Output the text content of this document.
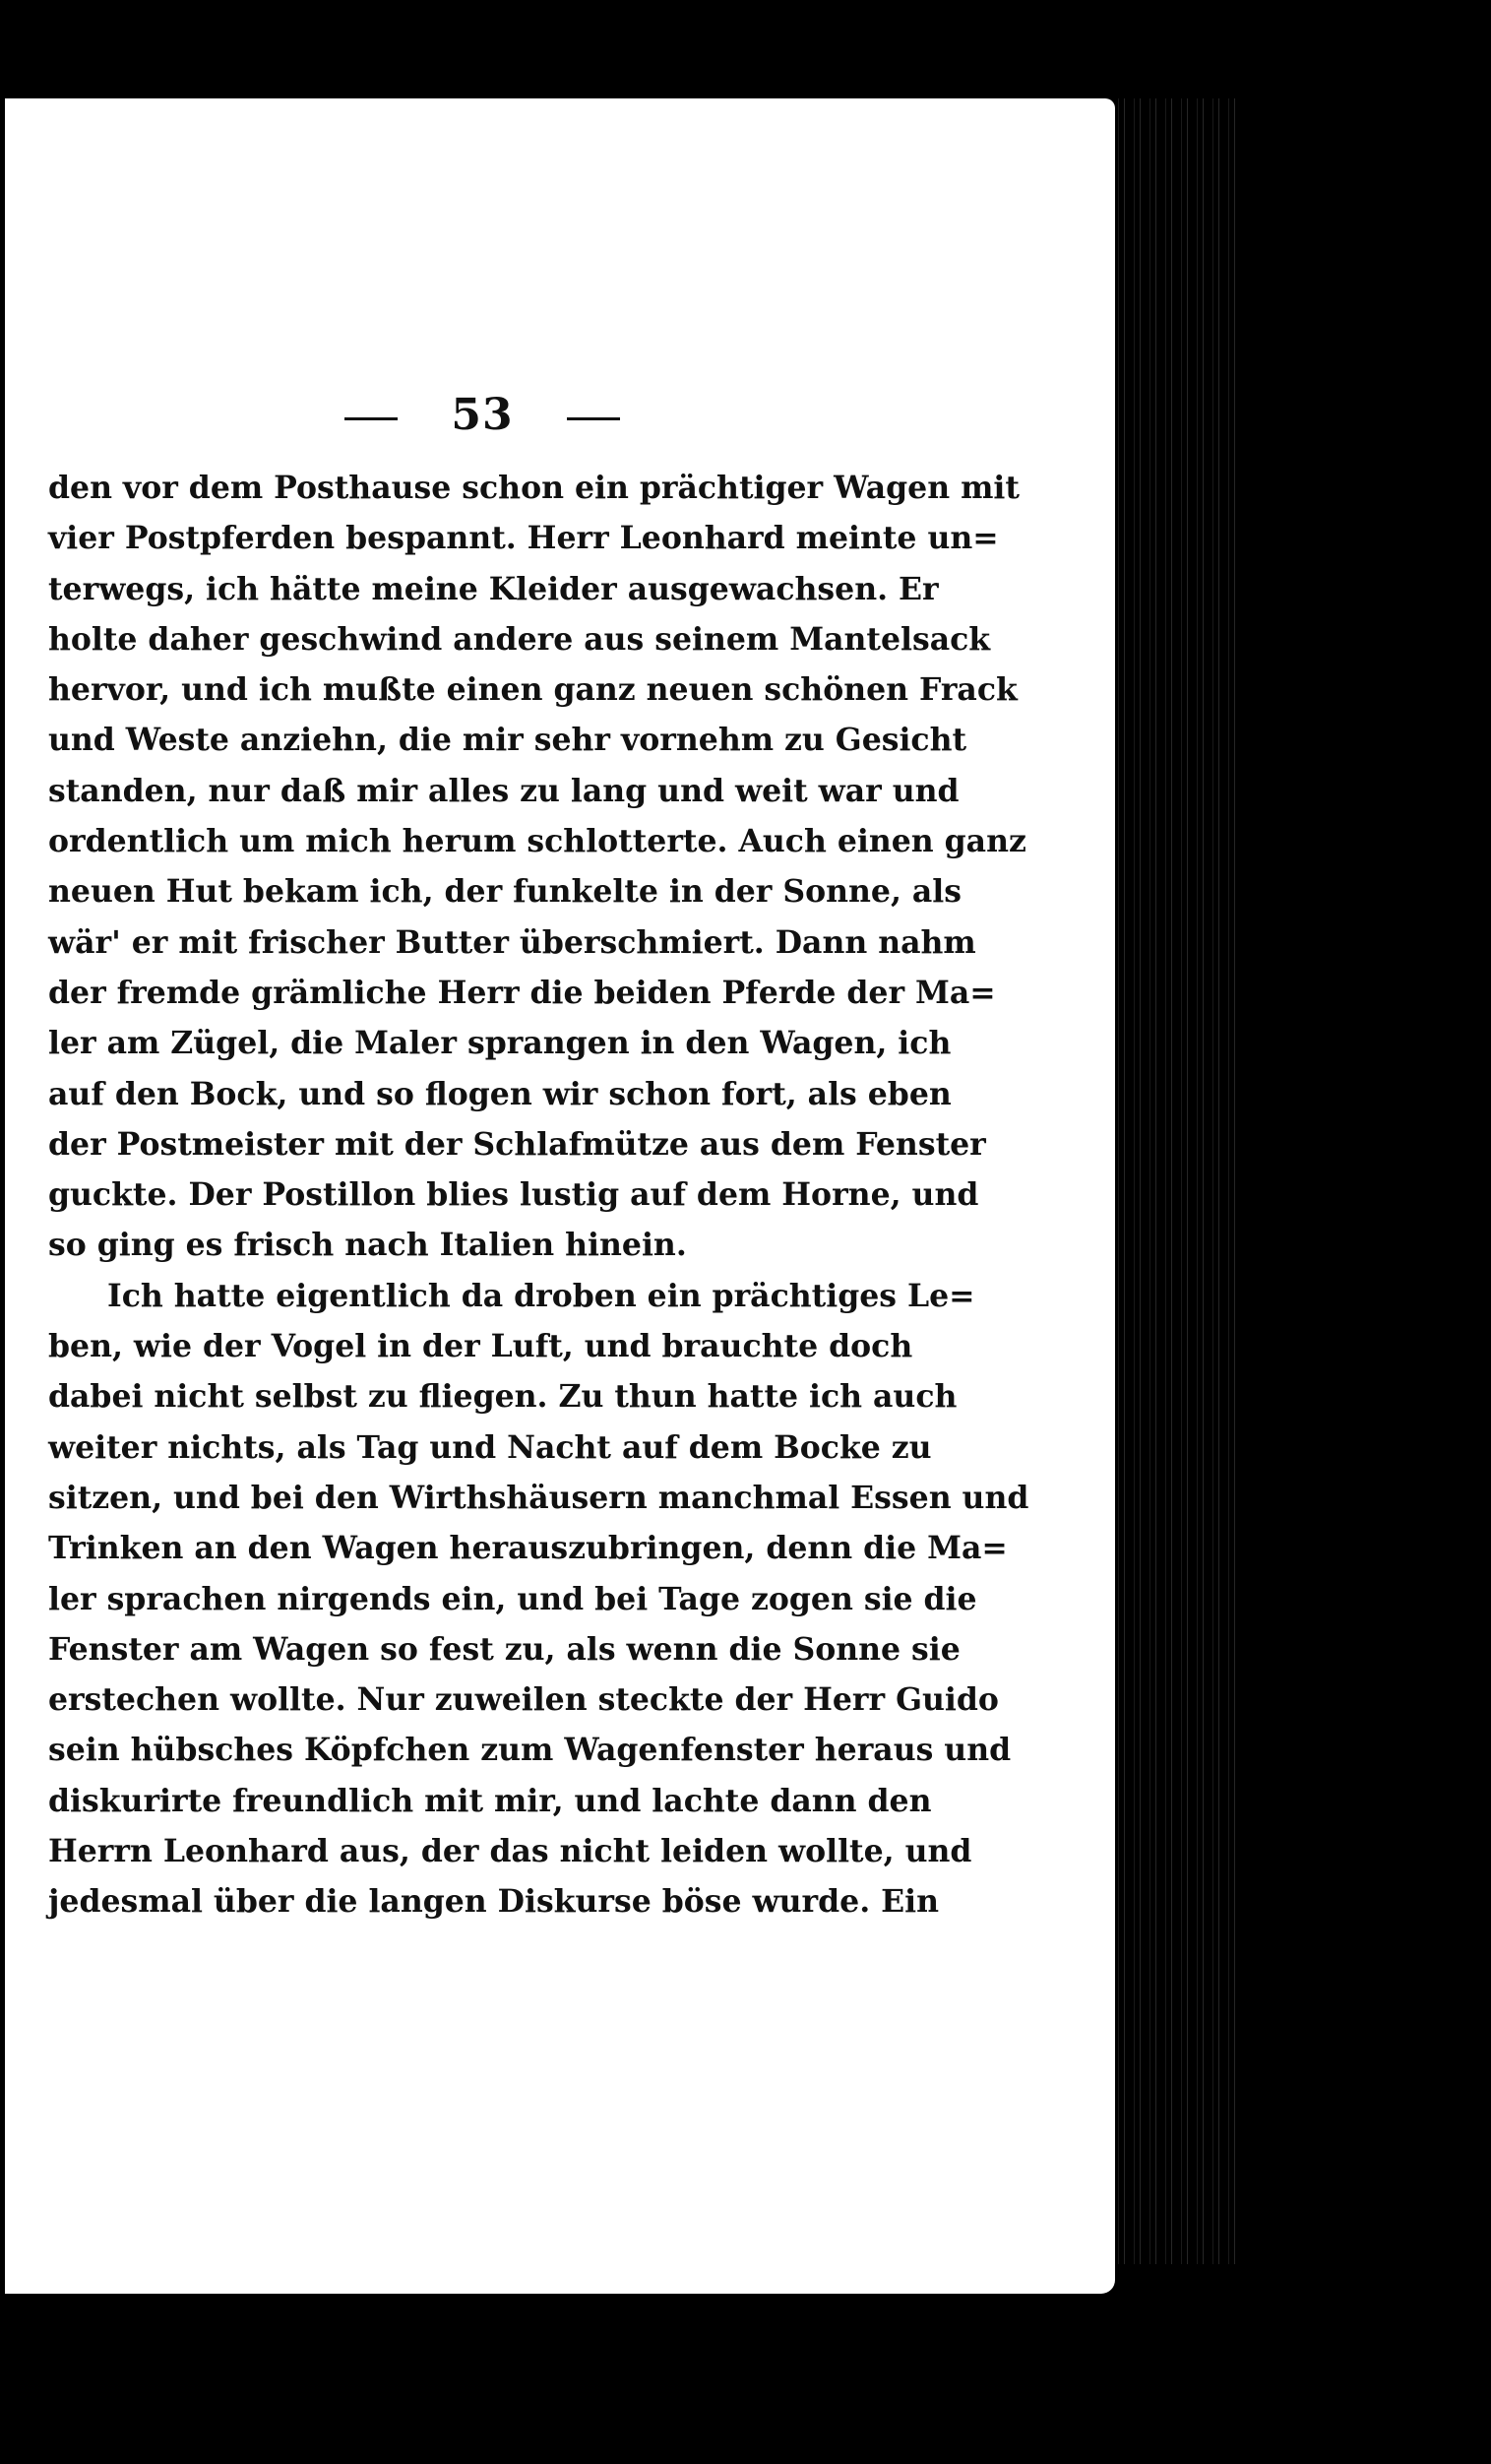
53
den vor dem Posthause schon ein prächtiger Wagen mit
vier Postpferden bespannt. Herr Leonhard meinte un=
terwegs, ich hätte meine Kleider ausgewachsen. Er
holte daher geschwind andere aus seinem Mantelsack
hervor, und ich mußte einen ganz neuen schönen Frack
und Weste anziehn, die mir sehr vornehm zu Gesicht
standen, nur daß mir alles zu lang und weit war und
ordentlich um mich herum schlotterte. Auch einen ganz
neuen Hut bekam ich, der funkelte in der Sonne, als
wär' er mit frischer Butter überschmiert. Dann nahm
der fremde grämliche Herr die beiden Pferde der Ma=
ler am Zügel, die Maler sprangen in den Wagen, ich
auf den Bock, und so flogen wir schon fort, als eben
der Postmeister mit der Schlafmütze aus dem Fenster
guckte. Der Postillon blies lustig auf dem Horne, und
so ging es frisch nach Italien hinein.
Ich hatte eigentlich da droben ein prächtiges Le=
ben, wie der Vogel in der Luft, und brauchte doch
dabei nicht selbst zu fliegen. Zu thun hatte ich auch
weiter nichts, als Tag und Nacht auf dem Bocke zu
sitzen, und bei den Wirthshäusern manchmal Essen und
Trinken an den Wagen herauszubringen, denn die Ma=
ler sprachen nirgends ein, und bei Tage zogen sie die
Fenster am Wagen so fest zu, als wenn die Sonne sie
erstechen wollte. Nur zuweilen steckte der Herr Guido
sein hübsches Köpfchen zum Wagenfenster heraus und
diskurirte freundlich mit mir, und lachte dann den
Herrn Leonhard aus, der das nicht leiden wollte, und
jedesmal über die langen Diskurse böse wurde. Ein
